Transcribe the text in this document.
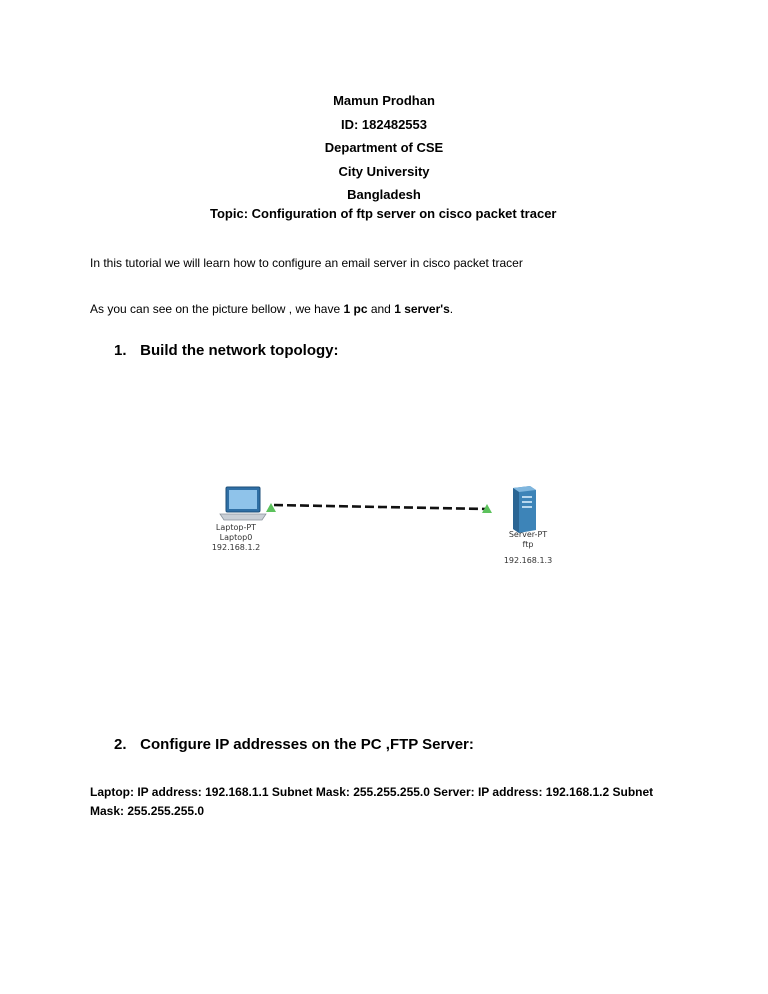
Mamun Prodhan
ID: 182482553
Department of CSE
City University
Bangladesh
Topic: Configuration of ftp server on cisco packet tracer
In this tutorial we will learn how to configure an email server in cisco packet tracer
As you can see on the picture bellow , we have 1 pc and 1 server's.
1. Build the network topology:
Laptop-PT
Laptop0
192.168.1.2
Server-PT
ftp
192.168.1.3
2. Configure IP addresses on the PC ,FTP Server:
Laptop: IP address: 192.168.1.1 Subnet Mask: 255.255.255.0 Server: IP address: 192.168.1.2 Subnet Mask: 255.255.255.0
